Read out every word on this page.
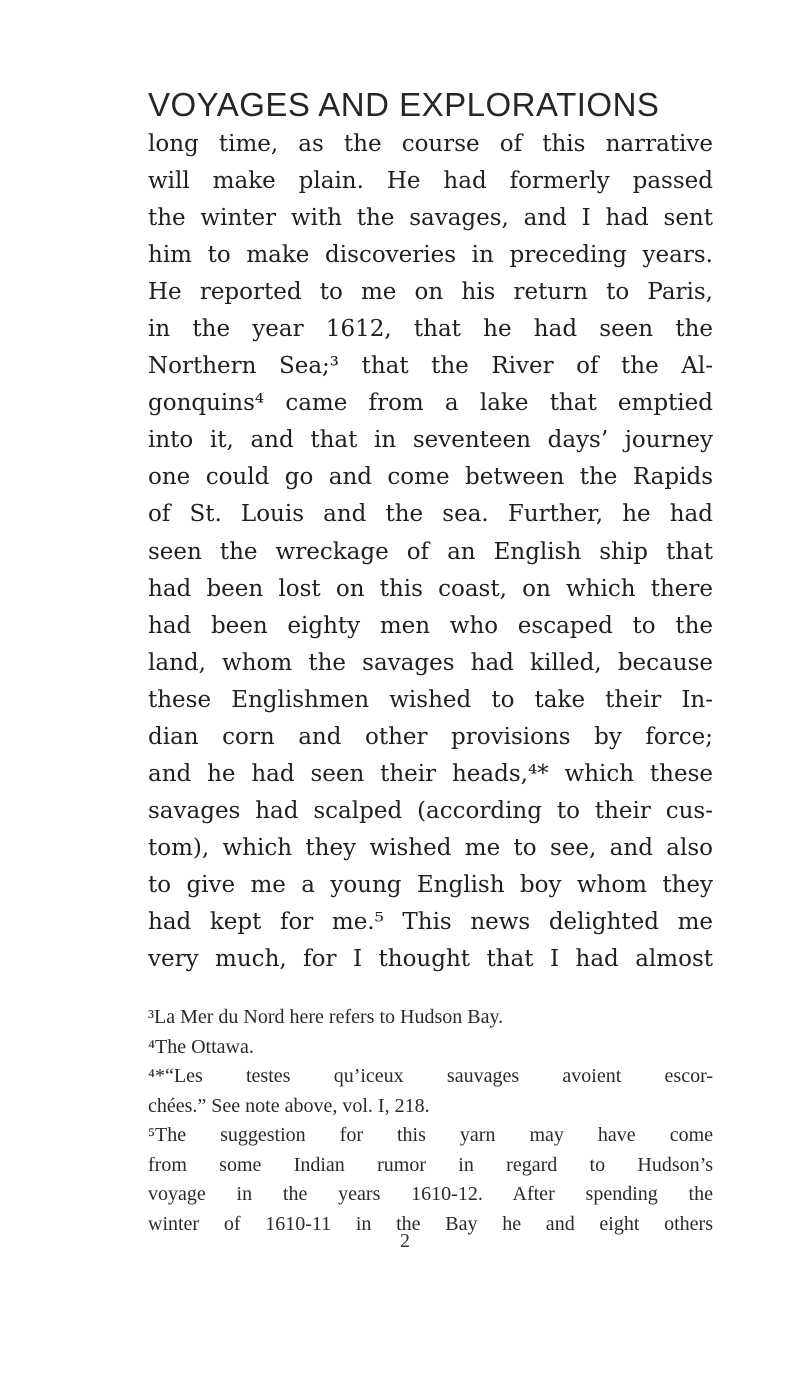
VOYAGES AND EXPLORATIONS
long time, as the course of this narrative
will make plain. He had formerly passed
the winter with the savages, and I had sent
him to make discoveries in preceding years.
He reported to me on his return to Paris,
in the year 1612, that he had seen the
Northern Sea;³ that the River of the Al-
gonquins⁴ came from a lake that emptied
into it, and that in seventeen days’ journey
one could go and come between the Rapids
of St. Louis and the sea. Further, he had
seen the wreckage of an English ship that
had been lost on this coast, on which there
had been eighty men who escaped to the
land, whom the savages had killed, because
these Englishmen wished to take their In-
dian corn and other provisions by force;
and he had seen their heads,⁴* which these
savages had scalped (according to their cus-
tom), which they wished me to see, and also
to give me a young English boy whom they
had kept for me.⁵ This news delighted me
very much, for I thought that I had almost
³La Mer du Nord here refers to Hudson Bay.
⁴The Ottawa.
⁴*“Les testes qu’iceux sauvages avoient escor-
chées.” See note above, vol. I, 218.
⁵The suggestion for this yarn may have come
from some Indian rumor in regard to Hudson’s
voyage in the years 1610-12. After spending the
winter of 1610-11 in the Bay he and eight others
2
